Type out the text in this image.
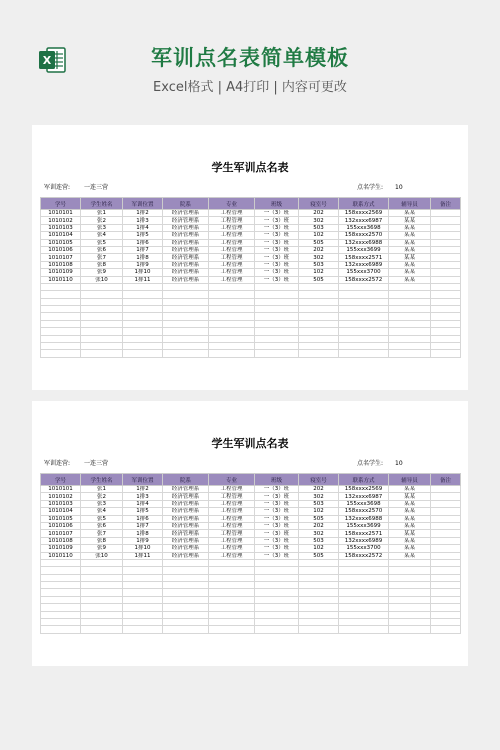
X	军训点名表简单模板
Excel格式 | A4打印 | 内容可更改
学生军训点名表
军训连营: 一连三营	点名学生: 10
学号	学生姓名	军训位置	院系	专业	班级	寝室号	联系方式	辅导员	备注
1010101	张1	1排2	经济管理系	工程管理	一（3）班	202	158xxxx2569	某某	
1010102	张2	1排3	经济管理系	工程管理	一（3）班	302	132xxxx6987	某某	
1010103	张3	1排4	经济管理系	工程管理	一（3）班	503	155xxx3698	某某	
1010104	张4	1排5	经济管理系	工程管理	一（3）班	102	158xxxx2570	某某	
1010105	张5	1排6	经济管理系	工程管理	一（3）班	505	132xxxx6988	某某	
1010106	张6	1排7	经济管理系	工程管理	一（3）班	202	155xxx3699	某某	
1010107	张7	1排8	经济管理系	工程管理	一（3）班	302	158xxxx2571	某某	
1010108	张8	1排9	经济管理系	工程管理	一（3）班	503	132xxxx6989	某某	
1010109	张9	1排10	经济管理系	工程管理	一（3）班	102	155xxx3700	某某	
1010110	张10	1排11	经济管理系	工程管理	一（3）班	505	158xxxx2572	某某	

学生军训点名表
军训连营: 一连三营	点名学生: 10
学号	学生姓名	军训位置	院系	专业	班级	寝室号	联系方式	辅导员	备注
1010101	张1	1排2	经济管理系	工程管理	一（3）班	202	158xxxx2569	某某	
1010102	张2	1排3	经济管理系	工程管理	一（3）班	302	132xxxx6987	某某	
1010103	张3	1排4	经济管理系	工程管理	一（3）班	503	155xxx3698	某某	
1010104	张4	1排5	经济管理系	工程管理	一（3）班	102	158xxxx2570	某某	
1010105	张5	1排6	经济管理系	工程管理	一（3）班	505	132xxxx6988	某某	
1010106	张6	1排7	经济管理系	工程管理	一（3）班	202	155xxx3699	某某	
1010107	张7	1排8	经济管理系	工程管理	一（3）班	302	158xxxx2571	某某	
1010108	张8	1排9	经济管理系	工程管理	一（3）班	503	132xxxx6989	某某	
1010109	张9	1排10	经济管理系	工程管理	一（3）班	102	155xxx3700	某某	
1010110	张10	1排11	经济管理系	工程管理	一（3）班	505	158xxxx2572	某某	
